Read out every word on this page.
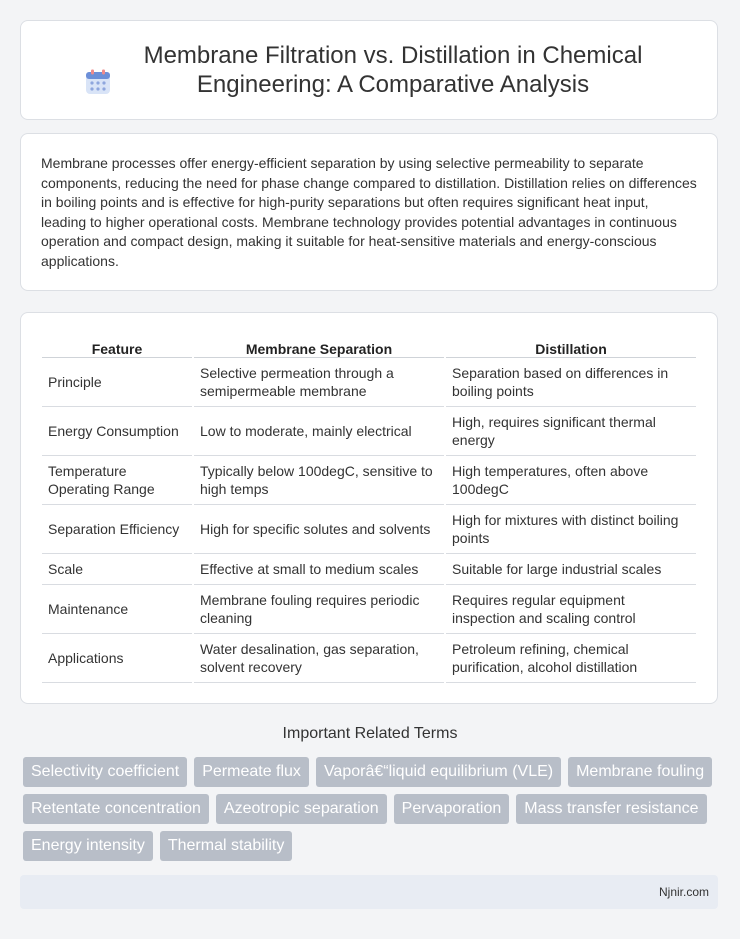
Membrane Filtration vs. Distillation in Chemical Engineering: A Comparative Analysis

Membrane processes offer energy-efficient separation by using selective permeability to separate components, reducing the need for phase change compared to distillation. Distillation relies on differences in boiling points and is effective for high-purity separations but often requires significant heat input, leading to higher operational costs. Membrane technology provides potential advantages in continuous operation and compact design, making it suitable for heat-sensitive materials and energy-conscious applications.

Feature	Membrane Separation	Distillation
Principle	Selective permeation through a semipermeable membrane	Separation based on differences in boiling points
Energy Consumption	Low to moderate, mainly electrical	High, requires significant thermal energy
Temperature Operating Range	Typically below 100degC, sensitive to high temps	High temperatures, often above 100degC
Separation Efficiency	High for specific solutes and solvents	High for mixtures with distinct boiling points
Scale	Effective at small to medium scales	Suitable for large industrial scales
Maintenance	Membrane fouling requires periodic cleaning	Requires regular equipment inspection and scaling control
Applications	Water desalination, gas separation, solvent recovery	Petroleum refining, chemical purification, alcohol distillation
Important Related Terms
Selectivity coefficient	Permeate flux	Vaporâ€“liquid equilibrium (VLE)	Membrane fouling
Retentate concentration	Azeotropic separation	Pervaporation	Mass transfer resistance
Energy intensity	Thermal stability
Njnir.com
